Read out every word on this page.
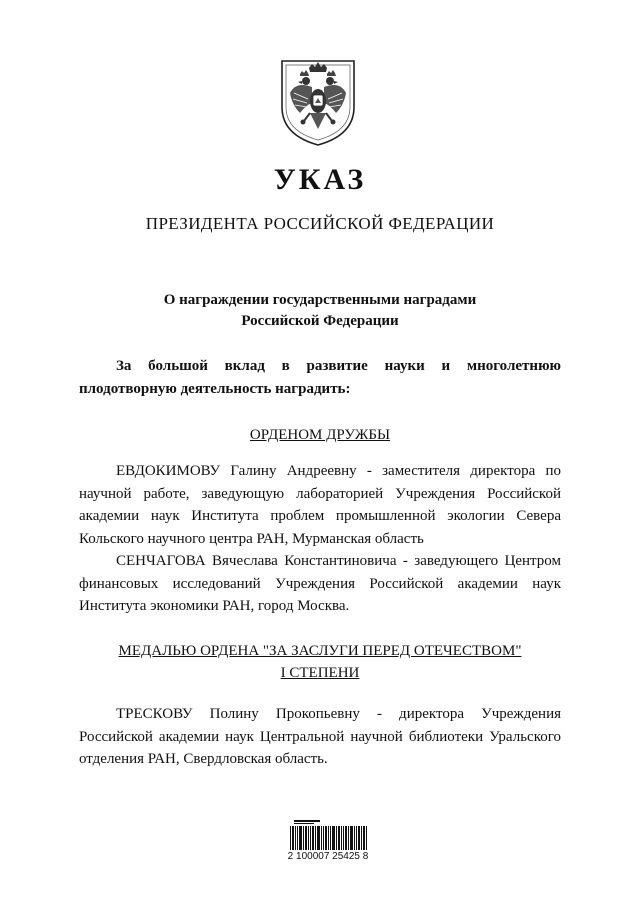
УКАЗ
ПРЕЗИДЕНТА РОССИЙСКОЙ ФЕДЕРАЦИИ
О награждении государственными наградами
Российской Федерации
За большой вклад в развитие науки и многолетнюю плодотворную деятельность наградить:
ОРДЕНОМ ДРУЖБЫ
ЕВДОКИМОВУ Галину Андреевну - заместителя директора по научной работе, заведующую лабораторией Учреждения Российской академии наук Института проблем промышленной экологии Севера Кольского научного центра РАН, Мурманская область
СЕНЧАГОВА Вячеслава Константиновича - заведующего Центром финансовых исследований Учреждения Российской академии наук Института экономики РАН, город Москва.
МЕДАЛЬЮ ОРДЕНА "ЗА ЗАСЛУГИ ПЕРЕД ОТЕЧЕСТВОМ"
I СТЕПЕНИ
ТРЕСКОВУ Полину Прокопьевну - директора Учреждения Российской академии наук Центральной научной библиотеки Уральского отделения РАН, Свердловская область.
2 100007 25425 8
